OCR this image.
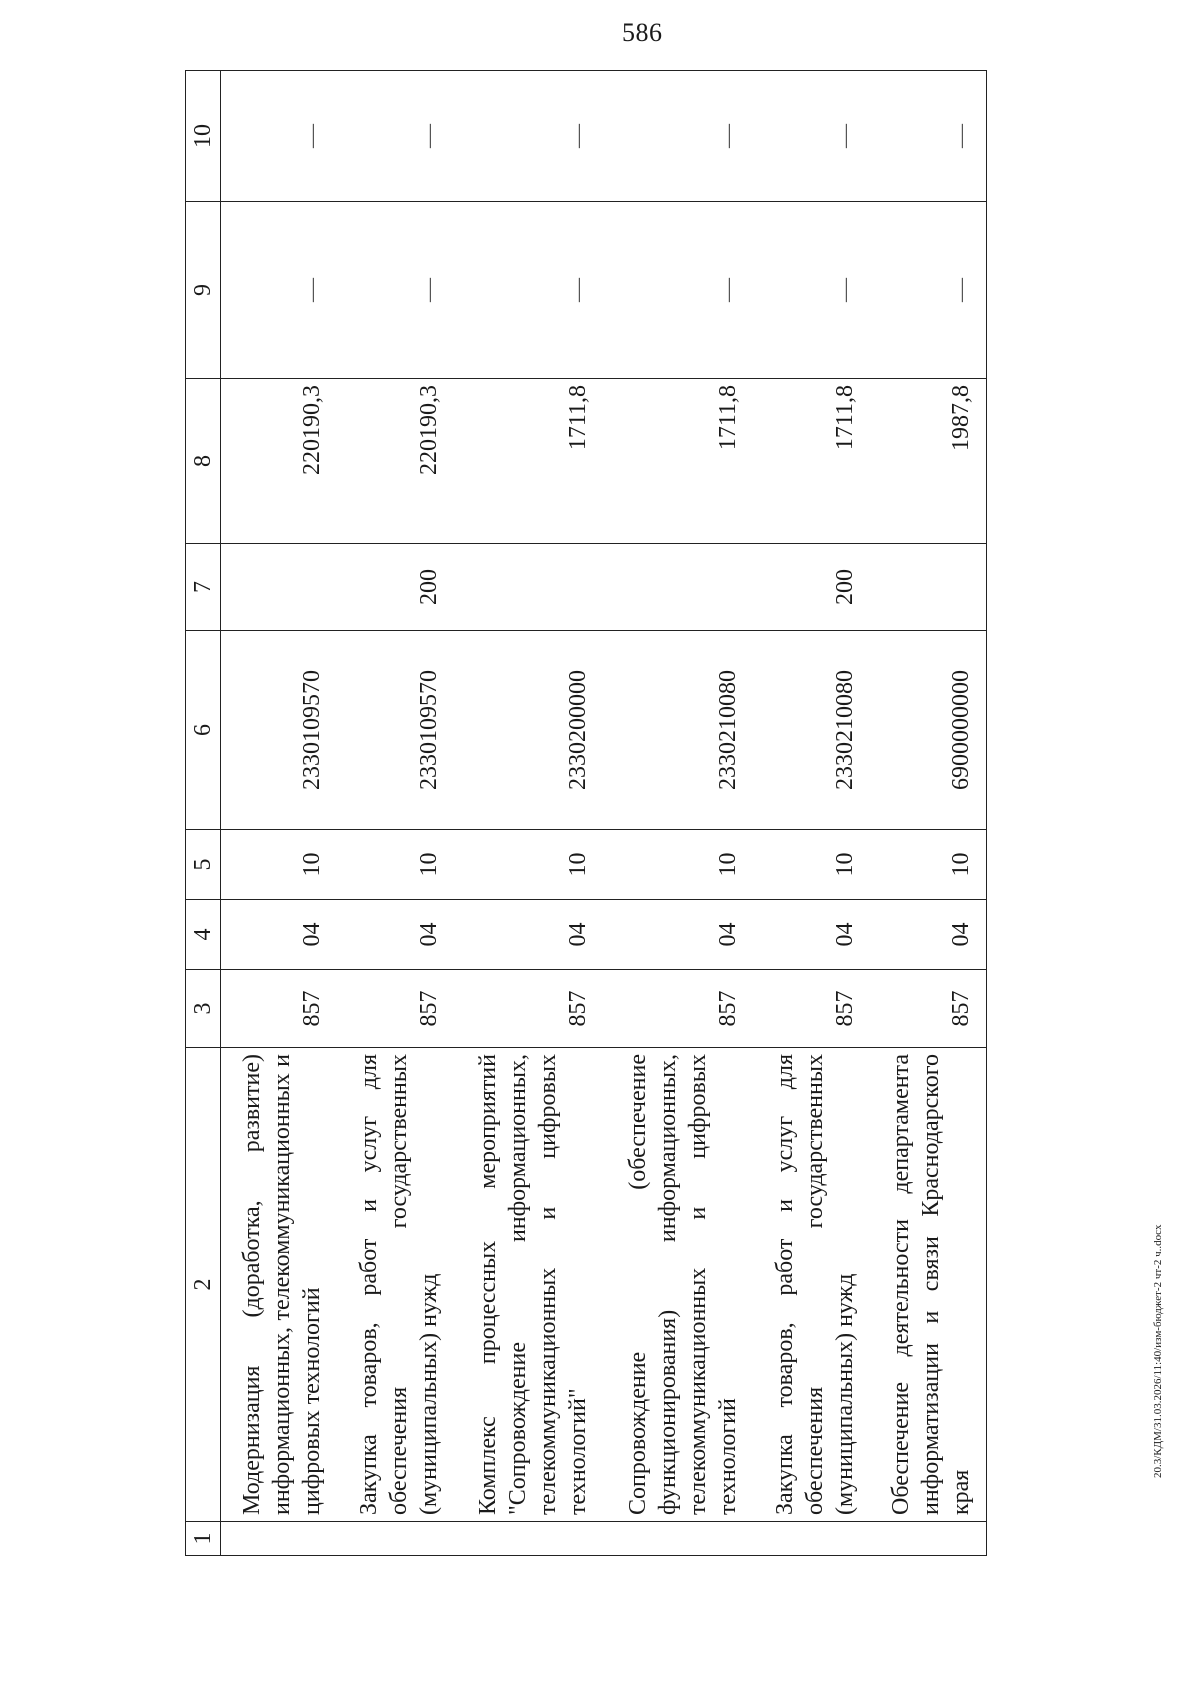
586
1	2	3	4	5	6	7	8	9	10
	Модернизация (доработка, развитие) информационных, телекоммуникационных и цифровых технологий	857	04	10	2330109570		220190,3	—	—
	Закупка товаров, работ и услуг для обеспечения государственных (муниципальных) нужд	857	04	10	2330109570	200	220190,3	—	—
	Комплекс процессных мероприятий "Сопровождение информационных, телекоммуникационных и цифровых технологий"	857	04	10	2330200000		1711,8	—	—
	Сопровождение (обеспечение функционирования) информационных, телекоммуникационных и цифровых технологий	857	04	10	2330210080		1711,8	—	—
	Закупка товаров, работ и услуг для обеспечения государственных (муниципальных) нужд	857	04	10	2330210080	200	1711,8	—	—
	Обеспечение деятельности департамента информатизации и связи Краснодарского края	857	04	10	6900000000		1987,8	—	—
20.3/КДМ/31.03.2026/11:40/изм-бюджет-2 чт-2 ч..docx
